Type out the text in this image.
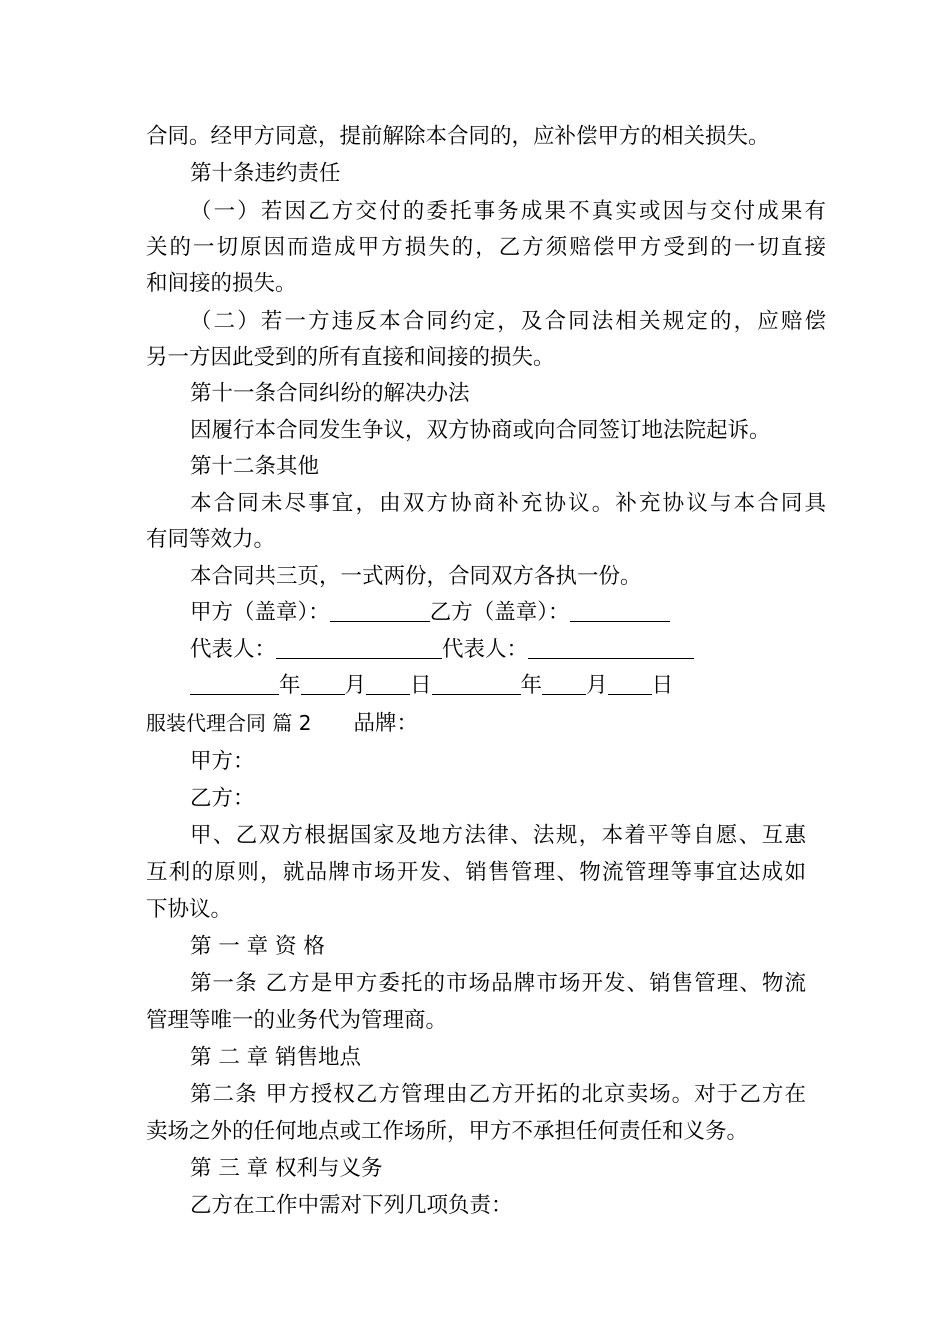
合同。经甲方同意，提前解除本合同的，应补偿甲方的相关损失。
第十条违约责任
（一）若因乙方交付的委托事务成果不真实或因与交付成果有
关的一切原因而造成甲方损失的，乙方须赔偿甲方受到的一切直接
和间接的损失。
（二）若一方违反本合同约定，及合同法相关规定的，应赔偿
另一方因此受到的所有直接和间接的损失。
第十一条合同纠纷的解决办法
因履行本合同发生争议，双方协商或向合同签订地法院起诉。
第十二条其他
本合同未尽事宜，由双方协商补充协议。补充协议与本合同具
有同等效力。
本合同共三页，一式两份，合同双方各执一份。
甲方（盖章）：	乙方（盖章）：
代表人：	代表人：
年 月 日	年 月 日
服装代理合同 篇 2 品牌：
甲方：
乙方：
甲、乙双方根据国家及地方法律、法规，本着平等自愿、互惠
互利的原则，就品牌市场开发、销售管理、物流管理等事宜达成如
下协议。
第 一 章 资 格
第一条 乙方是甲方委托的市场品牌市场开发、销售管理、物流
管理等唯一的业务代为管理商。
第 二 章 销售地点
第二条 甲方授权乙方管理由乙方开拓的北京卖场。对于乙方在
卖场之外的任何地点或工作场所，甲方不承担任何责任和义务。
第 三 章 权利与义务
乙方在工作中需对下列几项负责：
